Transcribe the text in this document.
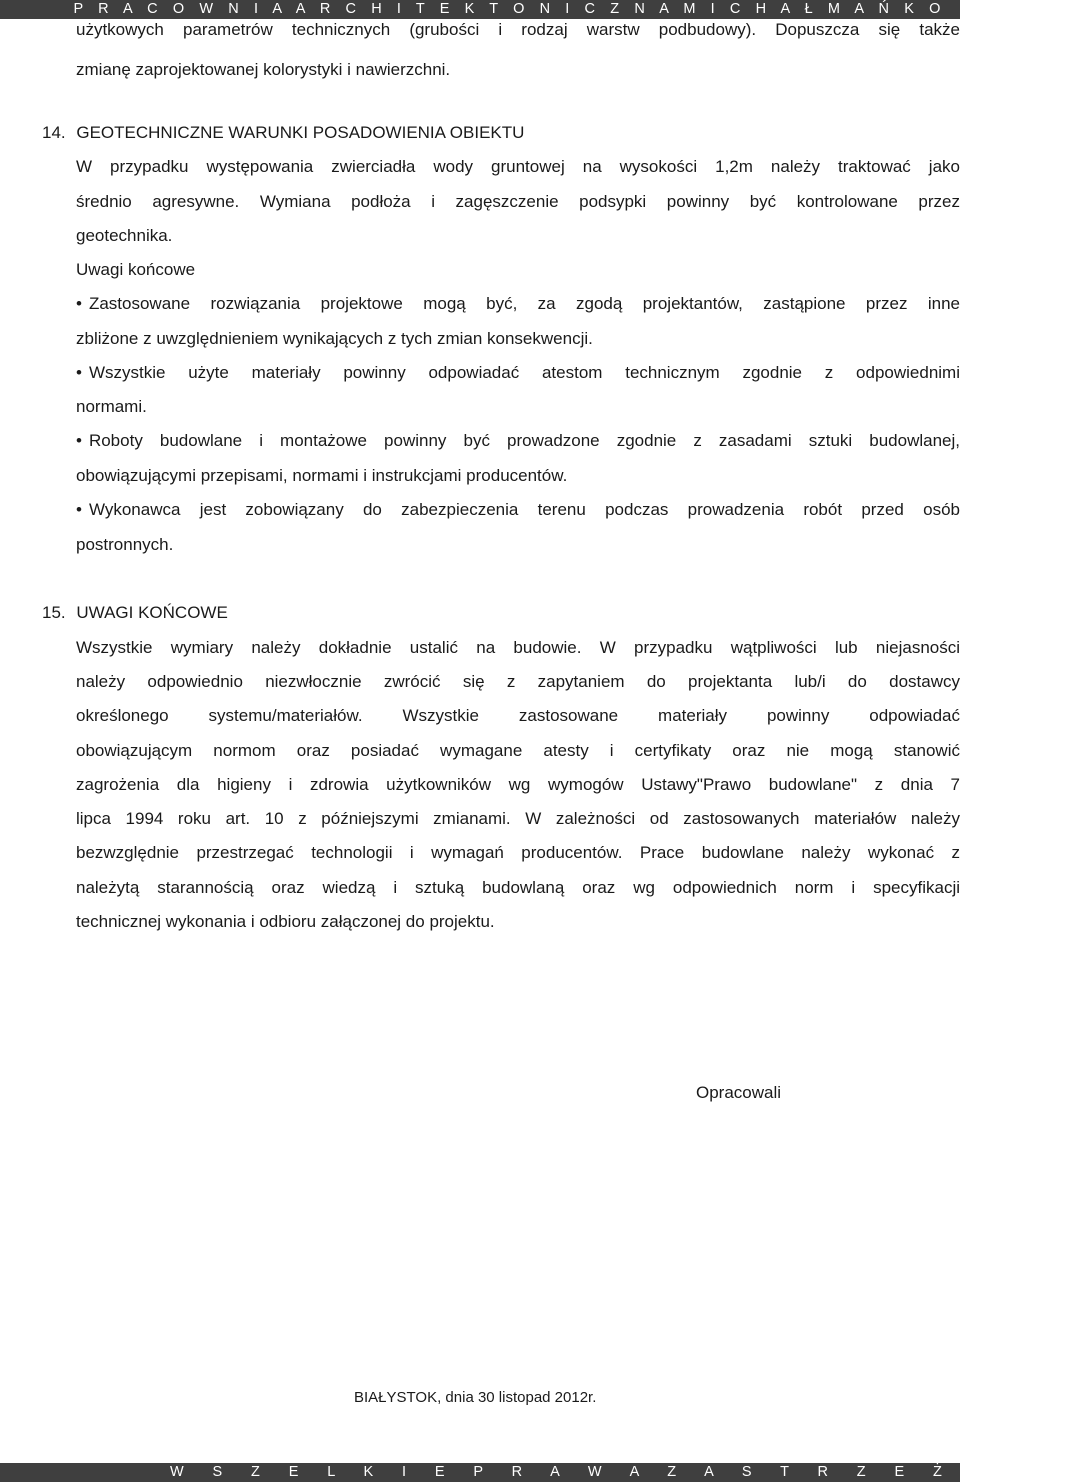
P R A C O W N I A A R C H I T E K T O N I C Z N A M I C H A Ł M A Ń K O
użytkowych parametrów technicznych (grubości i rodzaj warstw podbudowy). Dopuszcza się także
zmianę zaprojektowanej kolorystyki i nawierzchni.
14. GEOTECHNICZNE WARUNKI POSADOWIENIA OBIEKTU
W przypadku występowania zwierciadła wody gruntowej na wysokości 1,2m należy traktować jako
średnio agresywne. Wymiana podłoża i zagęszczenie podsypki powinny być kontrolowane przez
geotechnika.
Uwagi końcowe
• Zastosowane rozwiązania projektowe mogą być, za zgodą projektantów, zastąpione przez inne
zbliżone z uwzględnieniem wynikających z tych zmian konsekwencji.
• Wszystkie użyte materiały powinny odpowiadać atestom technicznym zgodnie z odpowiednimi
normami.
• Roboty budowlane i montażowe powinny być prowadzone zgodnie z zasadami sztuki budowlanej,
obowiązującymi przepisami, normami i instrukcjami producentów.
• Wykonawca jest zobowiązany do zabezpieczenia terenu podczas prowadzenia robót przed osób
postronnych.
15. UWAGI KOŃCOWE
Wszystkie wymiary należy dokładnie ustalić na budowie. W przypadku wątpliwości lub niejasności
należy odpowiednio niezwłocznie zwrócić się z zapytaniem do projektanta lub/i do dostawcy
określonego systemu/materiałów. Wszystkie zastosowane materiały powinny odpowiadać
obowiązującym normom oraz posiadać wymagane atesty i certyfikaty oraz nie mogą stanowić
zagrożenia dla higieny i zdrowia użytkowników wg wymogów Ustawy"Prawo budowlane" z dnia 7
lipca 1994 roku art. 10 z późniejszymi zmianami. W zależności od zastosowanych materiałów należy
bezwzględnie przestrzegać technologii i wymagań producentów. Prace budowlane należy wykonać z
należytą starannością oraz wiedzą i sztuką budowlaną oraz wg odpowiednich norm i specyfikacji
technicznej wykonania i odbioru załączonej do projektu.
Opracowali
BIAŁYSTOK, dnia 30 listopad 2012r.
W S Z E L K I E P R A W A Z A S T R Z E Ż O N E
